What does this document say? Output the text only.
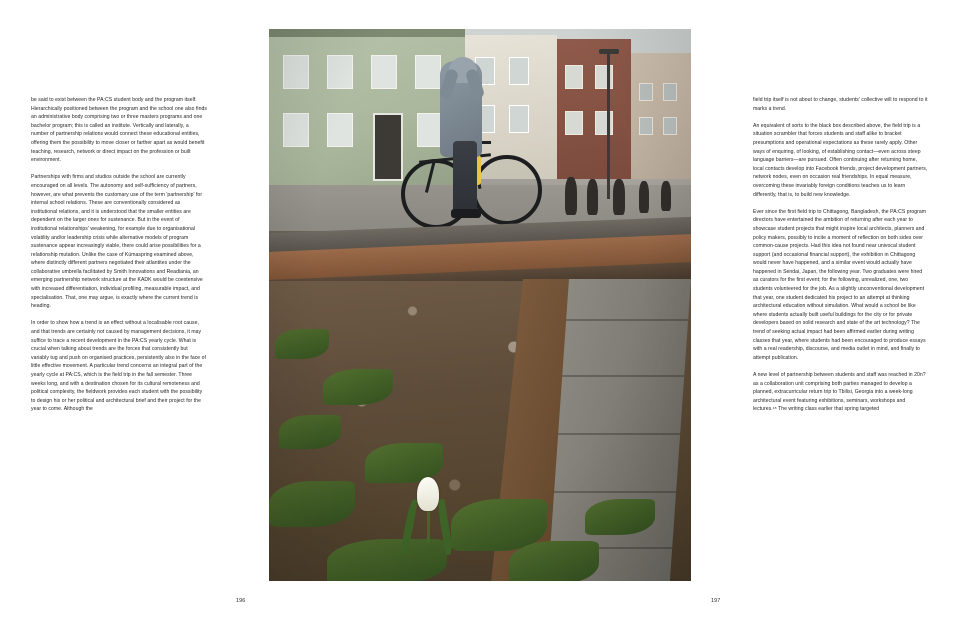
be said to exist between the PA:CS student body and the program itself. Hierarchically positioned between the program and the school one also finds an administrative body comprising two or three masters programs and one bachelor program; this is called an institute. Vertically and laterally, a number of partnership relations would connect these educational entities, offering them the possibility to move closer or farther apart as would benefit teaching, research, network or direct impact on the profession or built environment.

Partnerships with firms and studios outside the school are currently encouraged on all levels. The autonomy and self-sufficiency of partners, however, are what prevents the customary use of the term 'partnership' for internal school relations. These are conventionally considered as institutional relations, and it is understood that the smaller entities are dependent on the larger ones for sustenance. But in the event of institutional relationships' weakening, for example due to organisational volatility and/or leadership crisis while alternative models of program sustenance appear increasingly viable, there could arise possibilities for a relationship mutation. Unlike the case of Kúmaspring examined above, where distinctly different partners negotiated their atlantites under the collaborative umbrella facilitated by Smith Innovations and Readiania, an emerging partnership network structure at the KADK would be coextensive with increased differentiation, individual profiling, measurable impact, and specialisation. That, one may argue, is exactly where the current trend is heading.

In order to show how a trend is an effect without a localisable root cause, and that trends are certainly not caused by management decisions, it may suffice to trace a recent development in the PA:CS yearly cycle. What is crucial when talking about trends are the forces that consistently but variably tug and push on organised practices, persistently also in the face of little effective movement. A particular trend concerns an integral part of the yearly cycle at PA:CS, which is the field trip in the fall semester. Three weeks long, and with a destination chosen for its cultural remoteness and political complexity, the fieldwork provides each student with the possibility to design his or her political and architectural brief and their project for the year to come. Although the

field trip itself is not about to change, students' collective will to respond to it marks a trend.

An equivalent of sorts to the black box described above, the field trip is a situation scrambler that forces students and staff alike to bracket presumptions and operational expectations as these rarely apply. Other ways of enquiring, of looking, of establishing contact—even across steep language barriers—are pursued. Often continuing after returning home, local contacts develop into Facebook friends, project development partners, network nodes, even on occasion real friendships. In equal measure, overcoming these invariably foreign conditions teaches us to learn differently, that is, to build new knowledge.

Ever since the first field trip to Chittagong, Bangladesh, the PA:CS program directors have entertained the ambition of returning after each year to showcase student projects that might inspire local architects, planners and policy makers, possibly to incite a moment of reflection on both sides over common-cause projects. Had this idea not found near univocal student support (and occasional financial support), the exhibition in Chittagong would never have happened, and a similar event would actually have happened in Sendai, Japan, the following year. Two graduates were hired as curators for the first event; for the following, unrealized, one, two students volunteered for the job. As a slightly unconventional development that year, one student dedicated his project to an attempt at thinking architectural education without simulation. What would a school be like where students actually built useful buildings for the city or for private developers based on solid research and state of the art technology? The trend of seeking actual impact had been affirmed earlier during writing classes that year, where students had been encouraged to produce essays with a real readership, discourse, and media outlet in mind, and finally to attempt publication.

A new level of partnership between students and staff was reached in 20n? as a collaboration unit comprising both parties managed to develop a planned, extracurricular return trip to Tbilisi, Georgia into a week-long architectural event featuring exhibitions, seminars, workshops and lectures.¹⁸ The writing class earlier that spring targeted

196	197
